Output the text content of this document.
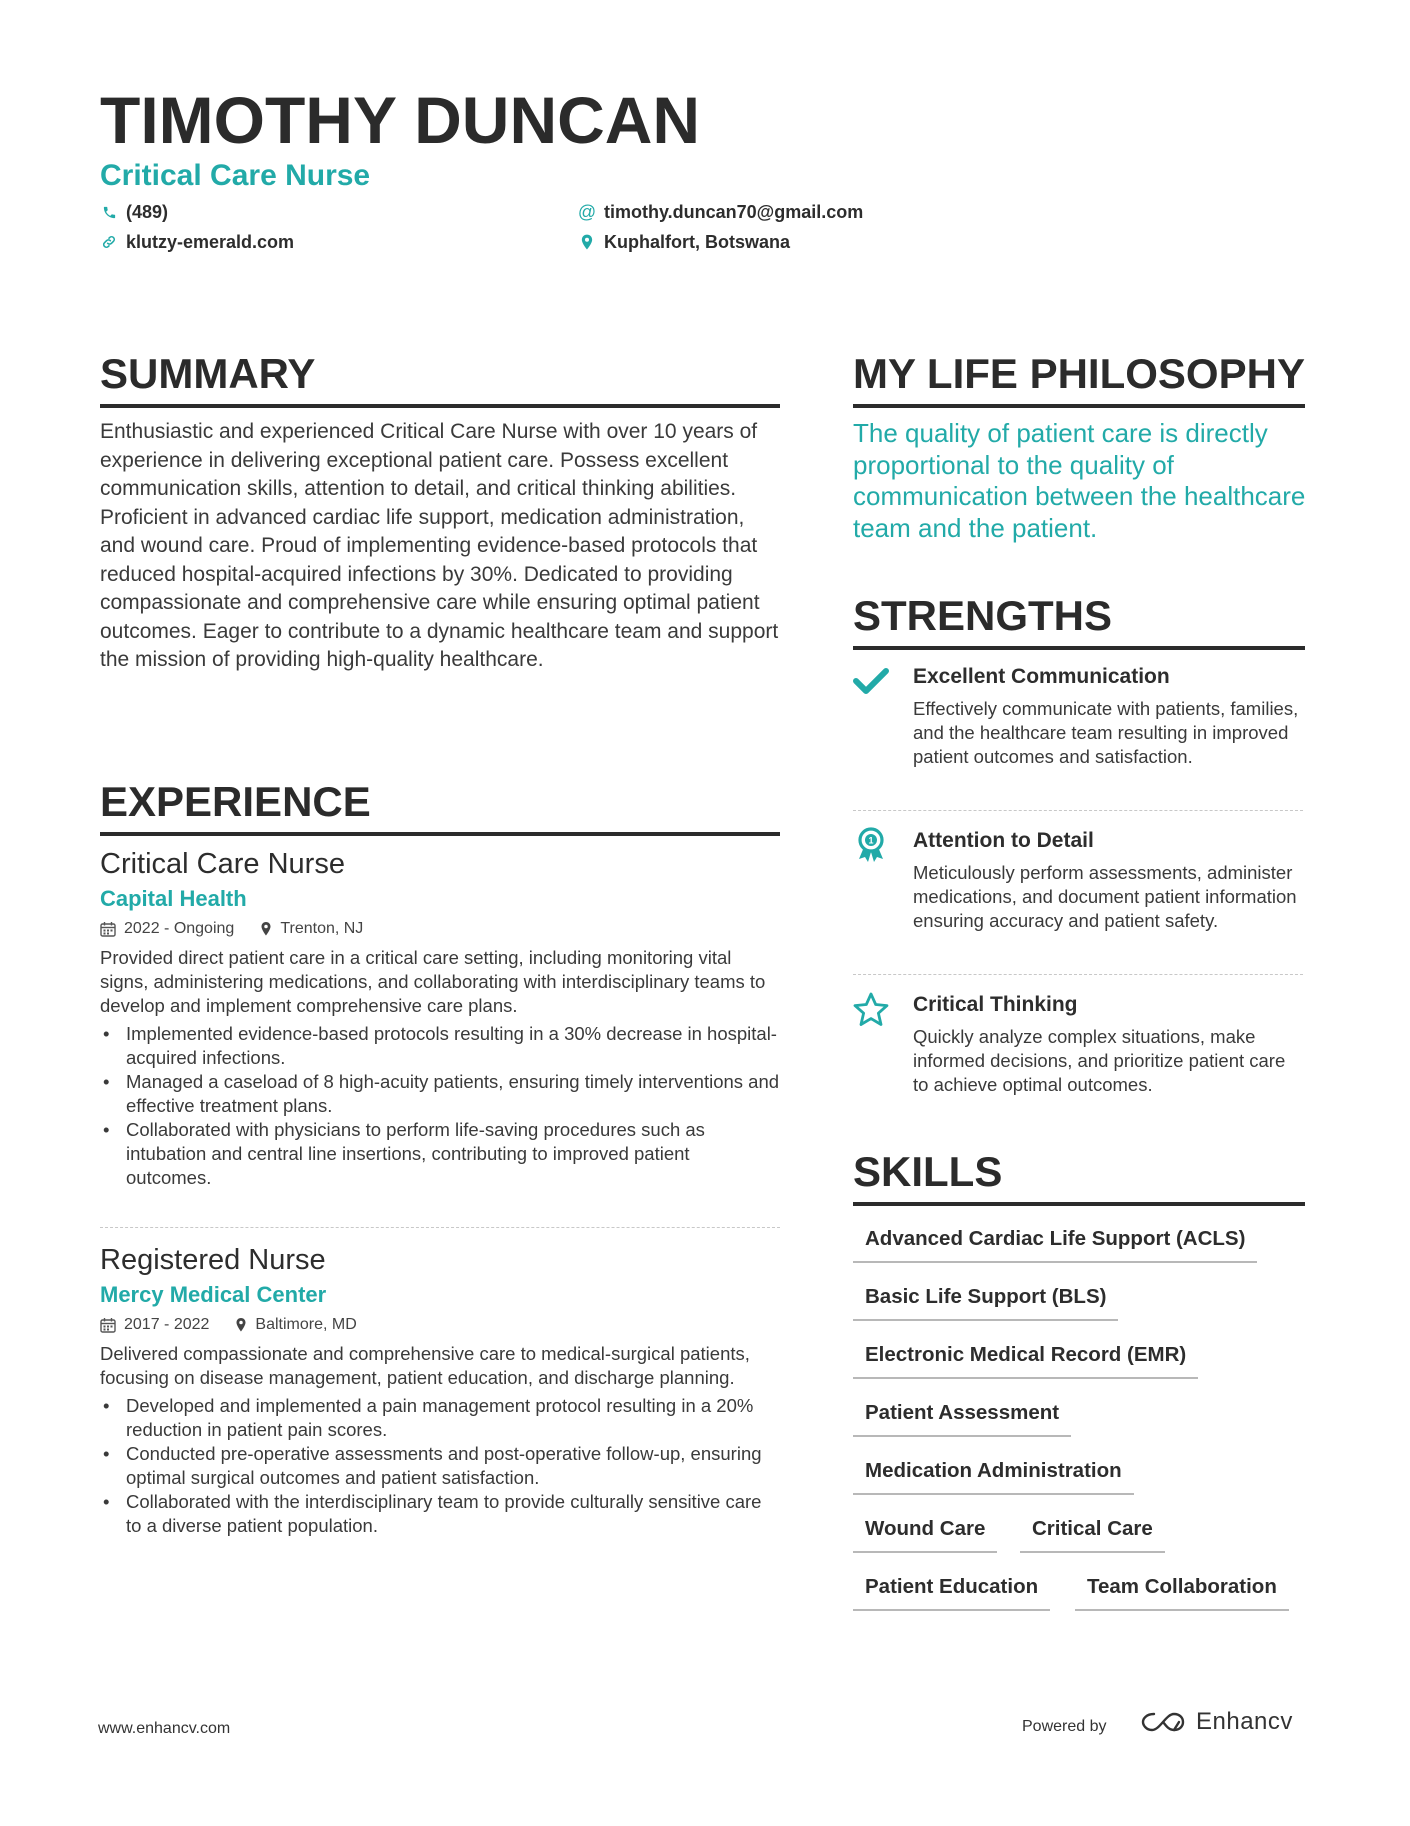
TIMOTHY DUNCAN
Critical Care Nurse
(489)	@ timothy.duncan70@gmail.com
klutzy-emerald.com	Kuphalfort, Botswana
SUMMARY
Enthusiastic and experienced Critical Care Nurse with over 10 years of experience in delivering exceptional patient care. Possess excellent communication skills, attention to detail, and critical thinking abilities. Proficient in advanced cardiac life support, medication administration, and wound care. Proud of implementing evidence-based protocols that reduced hospital-acquired infections by 30%. Dedicated to providing compassionate and comprehensive care while ensuring optimal patient outcomes. Eager to contribute to a dynamic healthcare team and support the mission of providing high-quality healthcare.
EXPERIENCE
Critical Care Nurse
Capital Health
2022 - Ongoing	Trenton, NJ
Provided direct patient care in a critical care setting, including monitoring vital signs, administering medications, and collaborating with interdisciplinary teams to develop and implement comprehensive care plans.
• Implemented evidence-based protocols resulting in a 30% decrease in hospital-acquired infections.
• Managed a caseload of 8 high-acuity patients, ensuring timely interventions and effective treatment plans.
• Collaborated with physicians to perform life-saving procedures such as intubation and central line insertions, contributing to improved patient outcomes.
Registered Nurse
Mercy Medical Center
2017 - 2022	Baltimore, MD
Delivered compassionate and comprehensive care to medical-surgical patients, focusing on disease management, patient education, and discharge planning.
• Developed and implemented a pain management protocol resulting in a 20% reduction in patient pain scores.
• Conducted pre-operative assessments and post-operative follow-up, ensuring optimal surgical outcomes and patient satisfaction.
• Collaborated with the interdisciplinary team to provide culturally sensitive care to a diverse patient population.
MY LIFE PHILOSOPHY
The quality of patient care is directly proportional to the quality of communication between the healthcare team and the patient.
STRENGTHS
Excellent Communication
Effectively communicate with patients, families, and the healthcare team resulting in improved patient outcomes and satisfaction.
1 Attention to Detail
Meticulously perform assessments, administer medications, and document patient information ensuring accuracy and patient safety.
Critical Thinking
Quickly analyze complex situations, make informed decisions, and prioritize patient care to achieve optimal outcomes.
SKILLS
Advanced Cardiac Life Support (ACLS)
Basic Life Support (BLS)
Electronic Medical Record (EMR)
Patient Assessment
Medication Administration
Wound Care	Critical Care
Patient Education	Team Collaboration
www.enhancv.com	Powered by	Enhancv
